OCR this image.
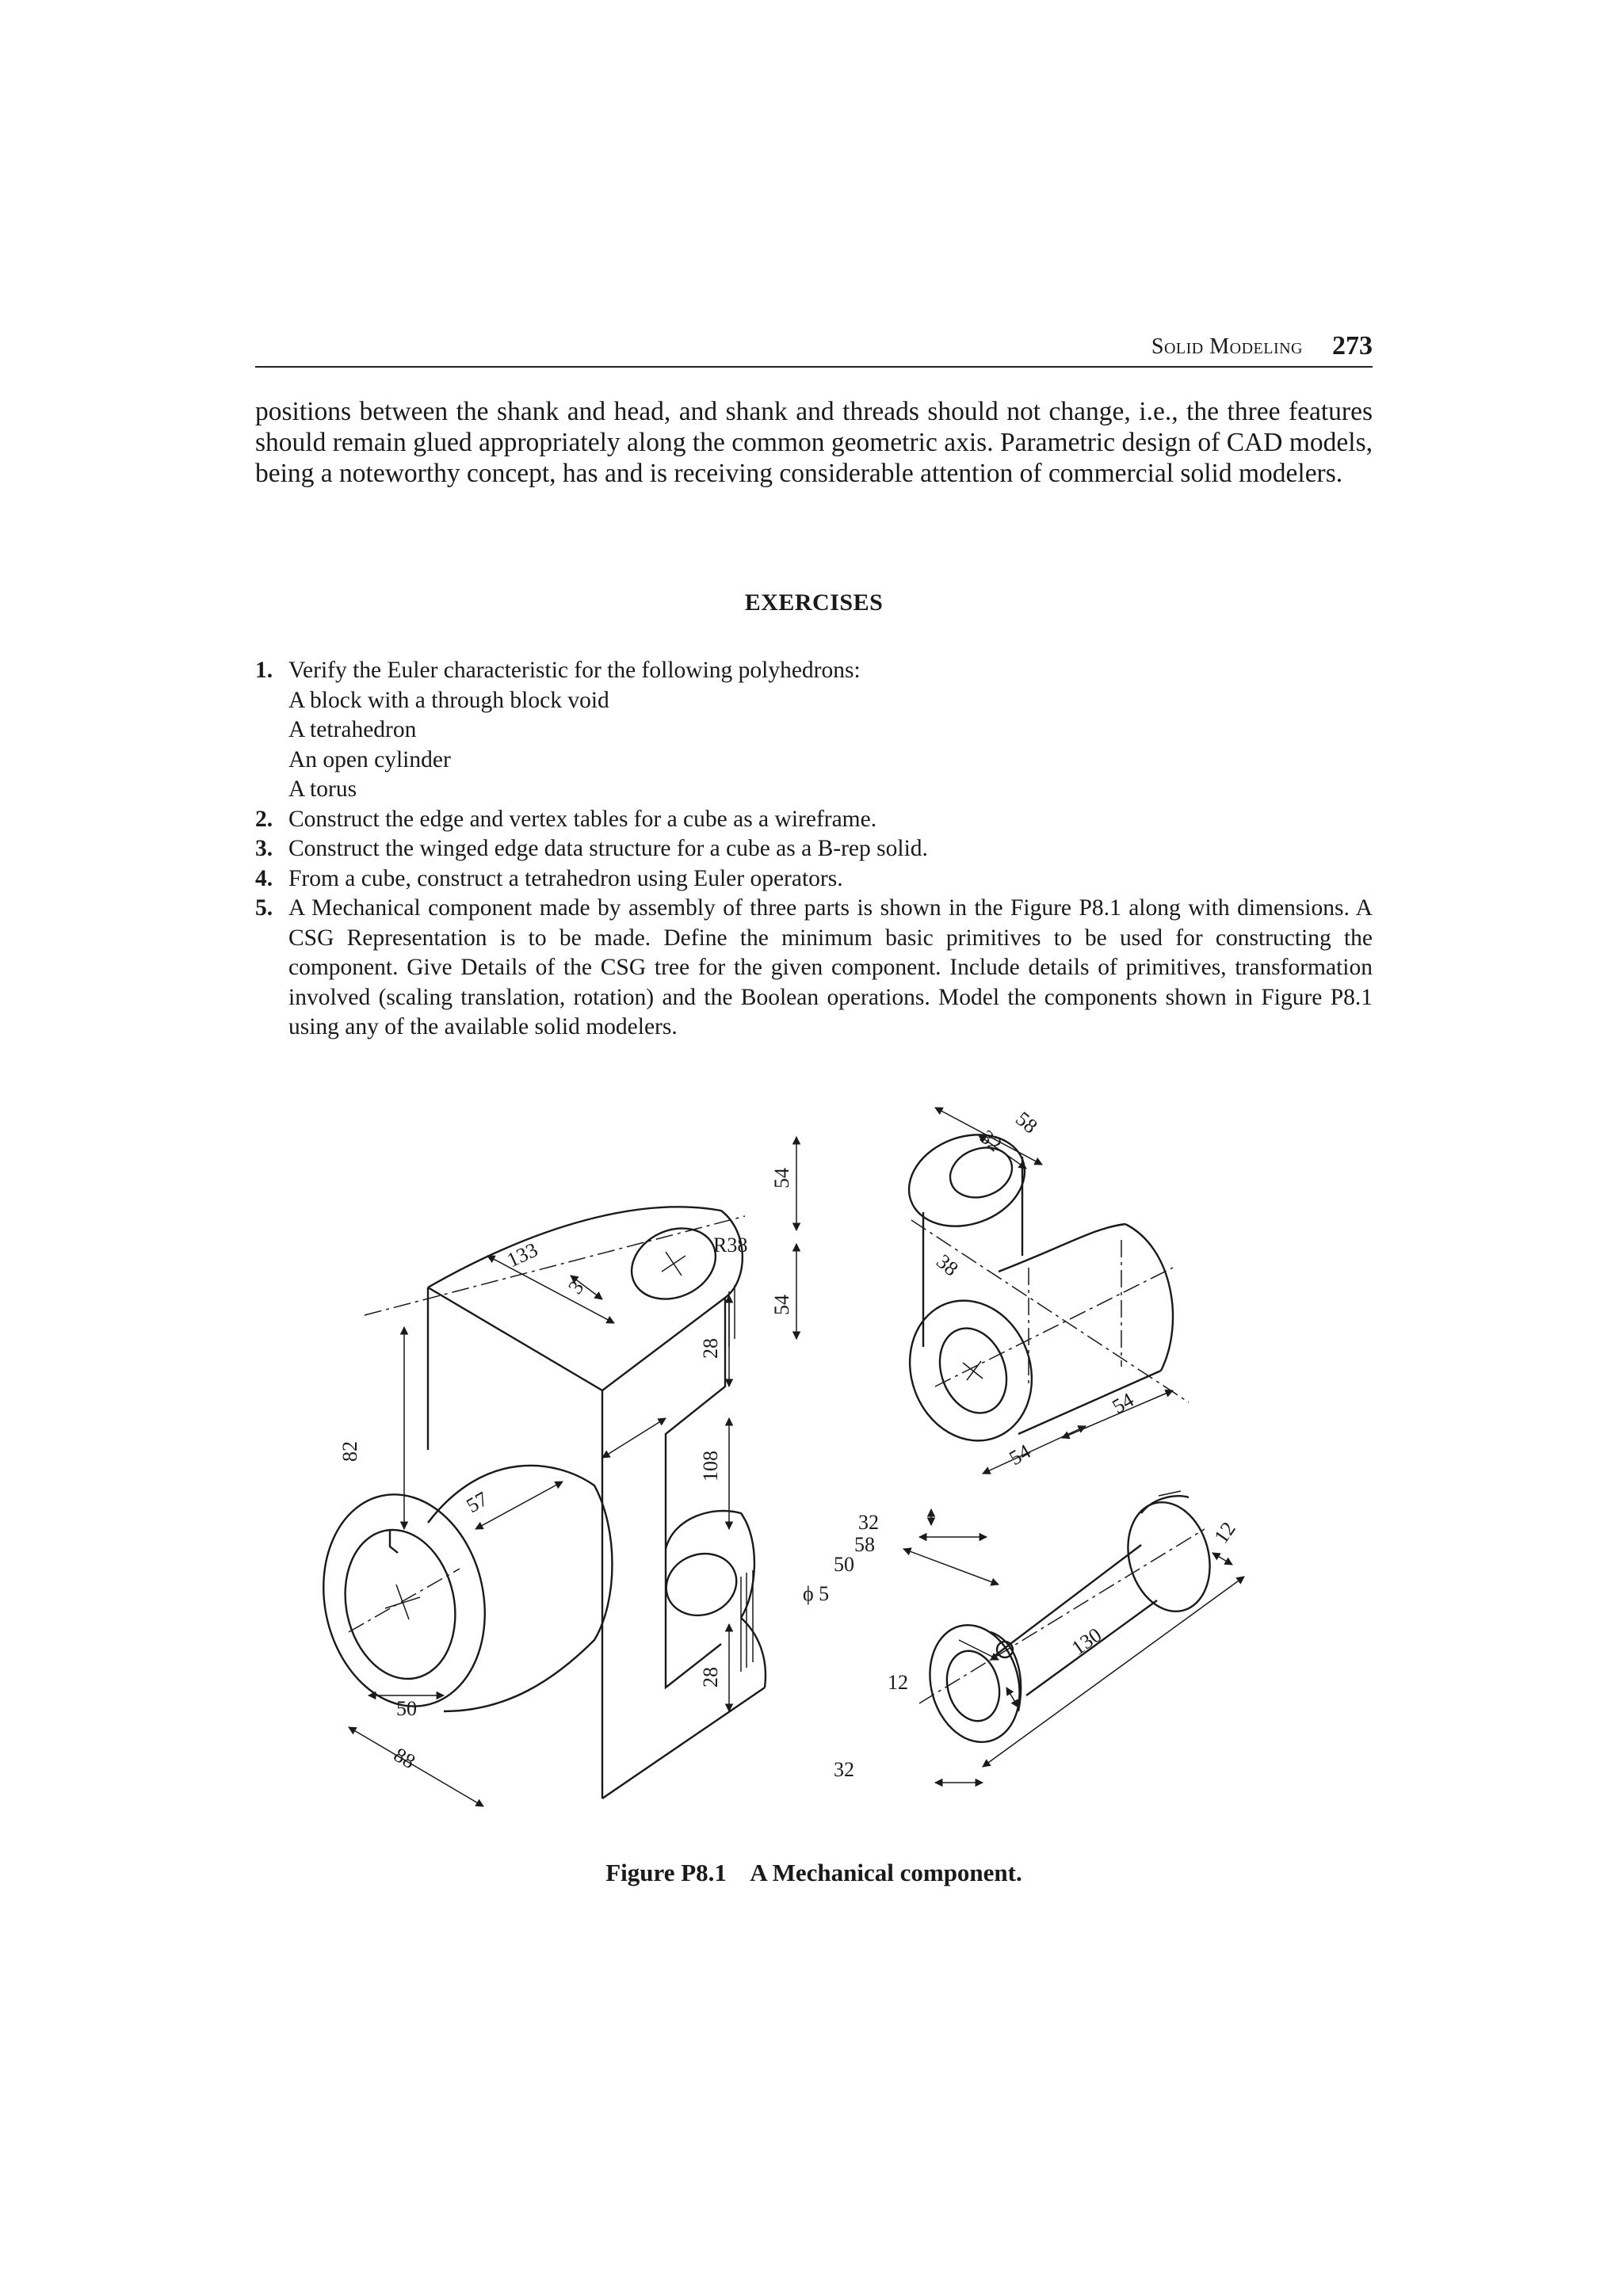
Solid Modeling 273

positions between the shank and head, and shank and threads should not change, i.e., the three features should remain glued appropriately along the common geometric axis. Parametric design of CAD models, being a noteworthy concept, has and is receiving considerable attention of commercial solid modelers.

EXERCISES
1. Verify the Euler characteristic for the following polyhedrons:
A block with a through block void
A tetrahedron
An open cylinder
A torus
2. Construct the edge and vertex tables for a cube as a wireframe.
3. Construct the winged edge data structure for a cube as a B-rep solid.
4. From a cube, construct a tetrahedron using Euler operators.
5. A Mechanical component made by assembly of three parts is shown in the Figure P8.1 along with dimensions. A CSG Representation is to be made. Define the minimum basic primitives to be used for constructing the component. Give Details of the CSG tree for the given component. Include details of primitives, transformation involved (scaling translation, rotation) and the Boolean operations. Model the components shown in Figure P8.1 using any of the available solid modelers.
58
32
54
R38
133
3
38
54
28
54
82	108	54
57
32
58
50
ϕ 5
28
12
12
130
50
88	32
Figure P8.1    A Mechanical component.
